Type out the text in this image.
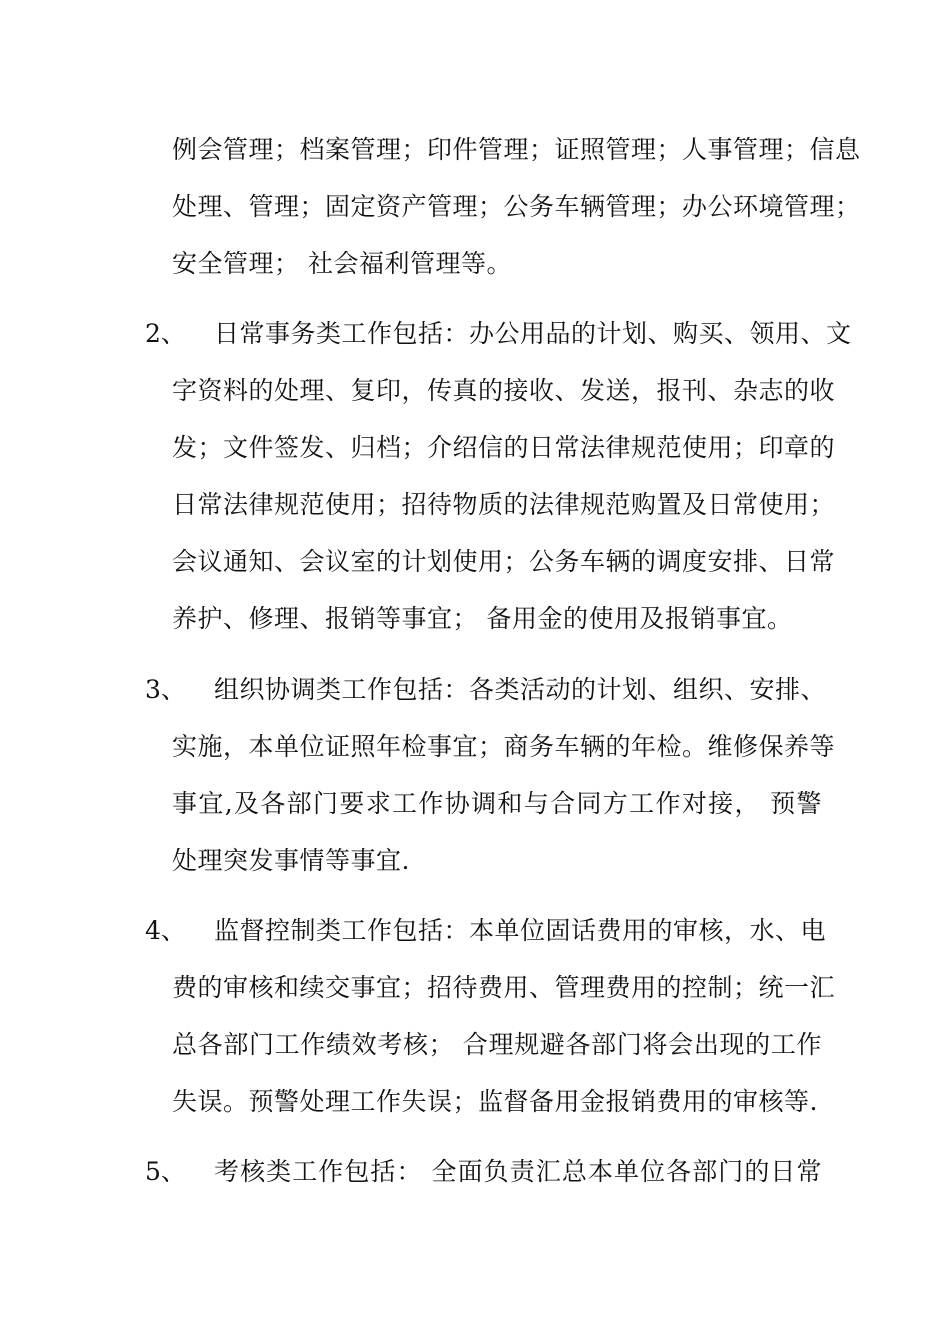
例会管理；档案管理；印件管理；证照管理；人事管理；信息
处理、管理；固定资产管理；公务车辆管理；办公环境管理；
安全管理； 社会福利管理等。
2、 日常事务类工作包括：办公用品的计划、购买、领用、文
字资料的处理、复印，传真的接收、发送，报刊、杂志的收
发；文件签发、归档；介绍信的日常法律规范使用；印章的
日常法律规范使用；招待物质的法律规范购置及日常使用；
会议通知、会议室的计划使用；公务车辆的调度安排、日常
养护、修理、报销等事宜； 备用金的使用及报销事宜。
3、 组织协调类工作包括：各类活动的计划、组织、安排、
实施，本单位证照年检事宜；商务车辆的年检。维修保养等
事宜,及各部门要求工作协调和与合同方工作对接， 预警
处理突发事情等事宜.
4、 监督控制类工作包括：本单位固话费用的审核，水、电
费的审核和续交事宜；招待费用、管理费用的控制；统一汇
总各部门工作绩效考核； 合理规避各部门将会出现的工作
失误。预警处理工作失误；监督备用金报销费用的审核等.
5、 考核类工作包括： 全面负责汇总本单位各部门的日常
